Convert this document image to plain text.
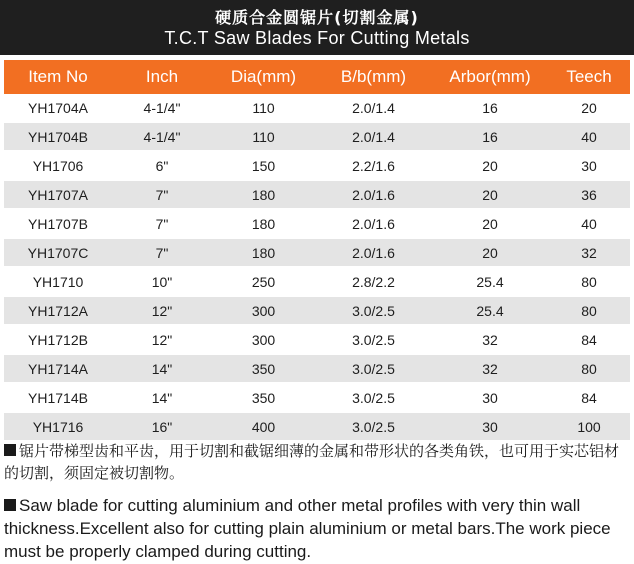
硬质合金圆锯片(切割金属)
T.C.T Saw Blades For Cutting Metals
Item No	Inch	Dia(mm)	B/b(mm)	Arbor(mm)	Teech
YH1704A	4-1/4"	110	2.0/1.4	16	20
YH1704B	4-1/4"	110	2.0/1.4	16	40
YH1706	6"	150	2.2/1.6	20	30
YH1707A	7"	180	2.0/1.6	20	36
YH1707B	7"	180	2.0/1.6	20	40
YH1707C	7"	180	2.0/1.6	20	32
YH1710	10"	250	2.8/2.2	25.4	80
YH1712A	12"	300	3.0/2.5	25.4	80
YH1712B	12"	300	3.0/2.5	32	84
YH1714A	14"	350	3.0/2.5	32	80
YH1714B	14"	350	3.0/2.5	30	84
YH1716	16"	400	3.0/2.5	30	100
锯片带梯型齿和平齿，用于切割和截锯细薄的金属和带形状的各类角铁，也可用于实芯铝材的切割，须固定被切割物。
Saw blade for cutting aluminium and other metal profiles with very thin wall thickness.Excellent also for cutting plain aluminium or metal bars.The work piece must be properly clamped during cutting.
